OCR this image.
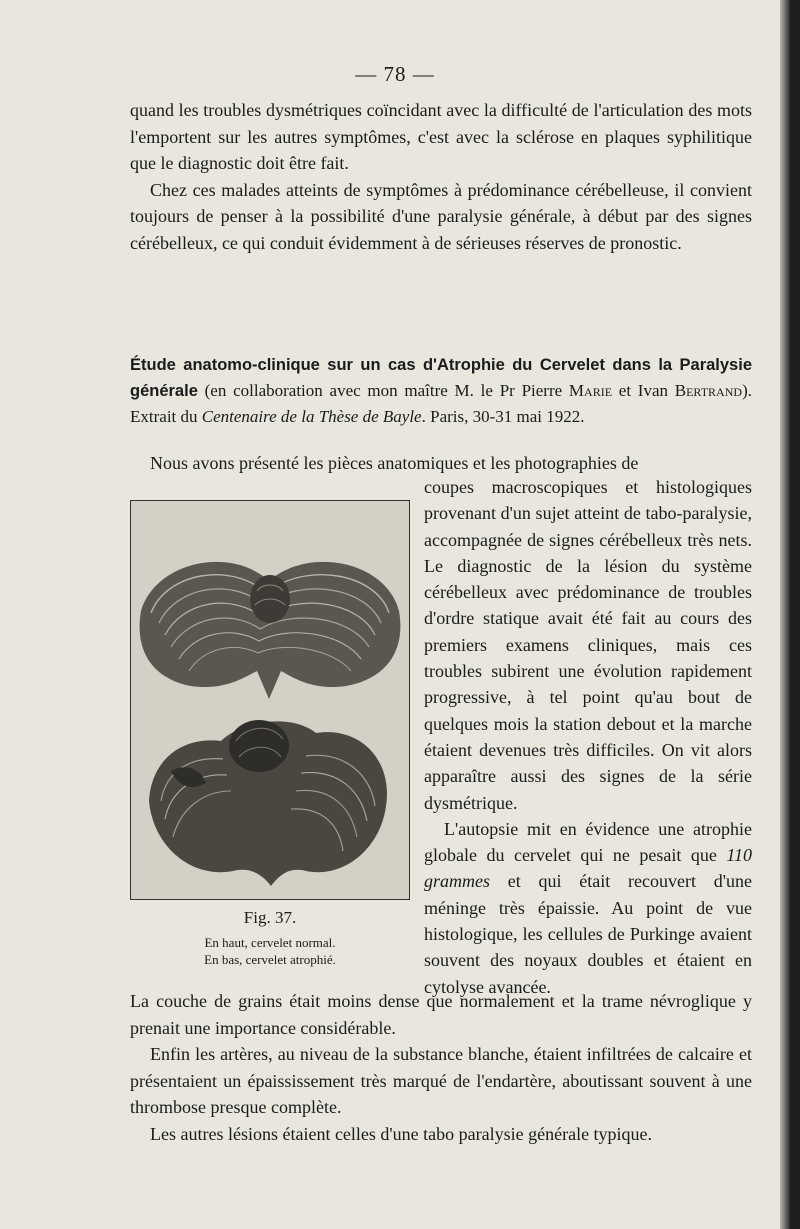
— 78 —

quand les troubles dysmétriques coïncidant avec la difficulté de l'articulation des mots l'emportent sur les autres symptômes, c'est avec la sclérose en plaques syphilitique que le diagnostic doit être fait.

Chez ces malades atteints de symptômes à prédominance cérébelleuse, il convient toujours de penser à la possibilité d'une paralysie générale, à début par des signes cérébelleux, ce qui conduit évidemment à de sérieuses réserves de pronostic.

Étude anatomo-clinique sur un cas d'Atrophie du Cervelet dans la Paralysie générale (en collaboration avec mon maître M. le Pr Pierre Marie et Ivan Bertrand). Extrait du Centenaire de la Thèse de Bayle. Paris, 30-31 mai 1922.

Nous avons présenté les pièces anatomiques et les photographies de
Fig. 37.
En haut, cervelet normal.
En bas, cervelet atrophié.

coupes macroscopiques et histologiques provenant d'un sujet atteint de tabo-paralysie, accompagnée de signes cérébelleux très nets. Le diagnostic de la lésion du système cérébelleux avec prédominance de troubles d'ordre statique avait été fait au cours des premiers examens cliniques, mais ces troubles subirent une évolution rapidement progressive, à tel point qu'au bout de quelques mois la station debout et la marche étaient devenues très difficiles. On vit alors apparaître aussi des signes de la série dysmétrique.

L'autopsie mit en évidence une atrophie globale du cervelet qui ne pesait que 110 grammes et qui était recouvert d'une méninge très épaissie. Au point de vue histologique, les cellules de Purkinge avaient souvent des noyaux doubles et étaient en cytolyse avancée.

La couche de grains était moins dense que normalement et la trame névroglique y prenait une importance considérable.

Enfin les artères, au niveau de la substance blanche, étaient infiltrées de calcaire et présentaient un épaississement très marqué de l'endartère, aboutissant souvent à une thrombose presque complète.

Les autres lésions étaient celles d'une tabo paralysie générale typique.
